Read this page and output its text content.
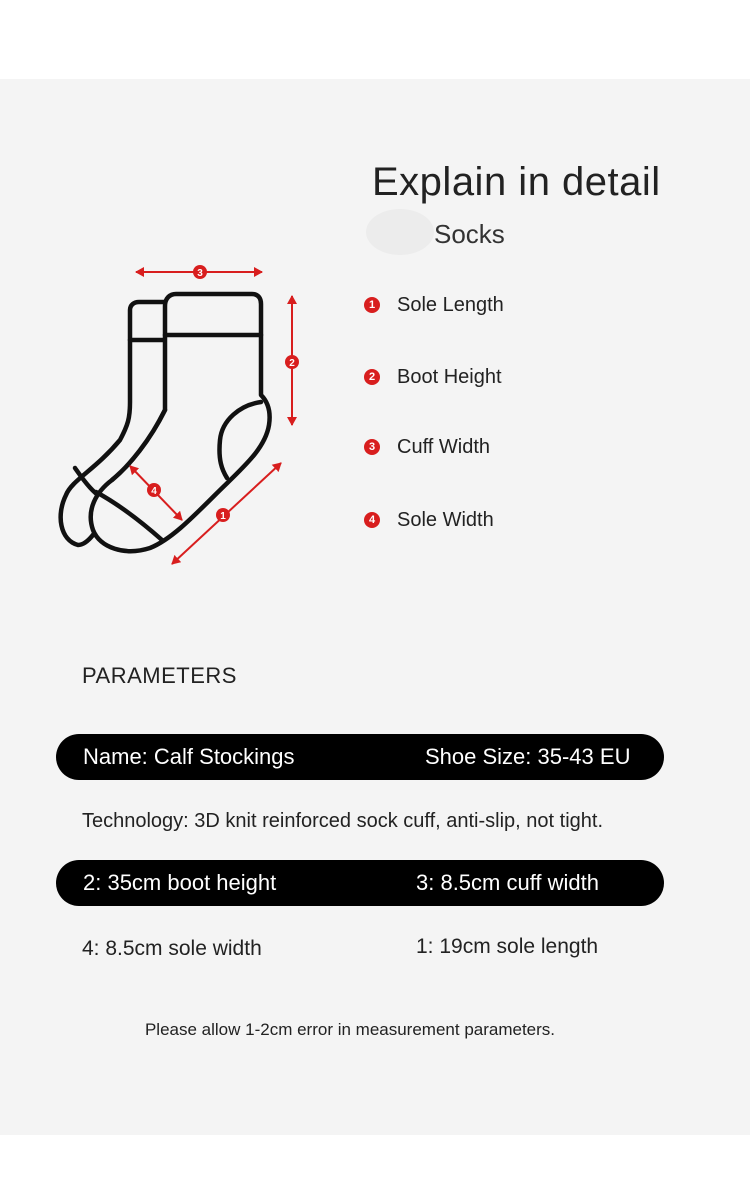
Explain in detail
Socks
3
2
4
1
1 Sole Length
2 Boot Height
3 Cuff Width
4 Sole Width
PARAMETERS
Name: Calf Stockings	Shoe Size: 35-43 EU
Technology: 3D knit reinforced sock cuff, anti-slip, not tight.
2: 35cm boot height	3: 8.5cm cuff width
4: 8.5cm sole width	1: 19cm sole length
Please allow 1-2cm error in measurement parameters.
